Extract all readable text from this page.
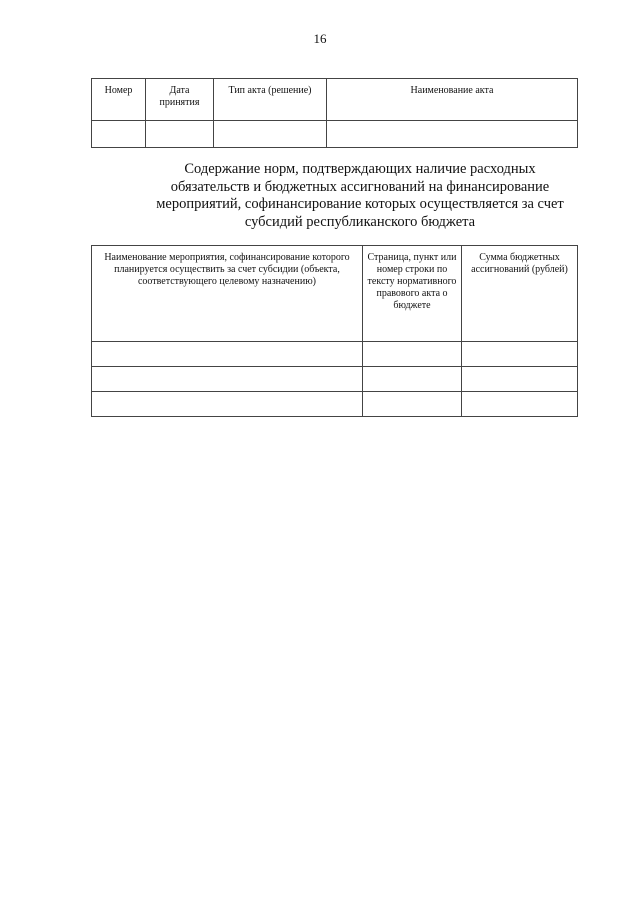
16
Номер	Дата принятия	Тип акта (решение)	Наименование акта

Содержание норм, подтверждающих наличие расходных обязательств и бюджетных ассигнований на финансирование мероприятий, софинансирование которых осуществляется за счет субсидий республиканского бюджета
Наименование мероприятия, софинансирование которого планируется осуществить за счет субсидии (объекта, соответствующего целевому назначению)	Страница, пункт или номер строки по тексту нормативного правового акта о бюджете	Сумма бюджетных ассигнований (рублей)
